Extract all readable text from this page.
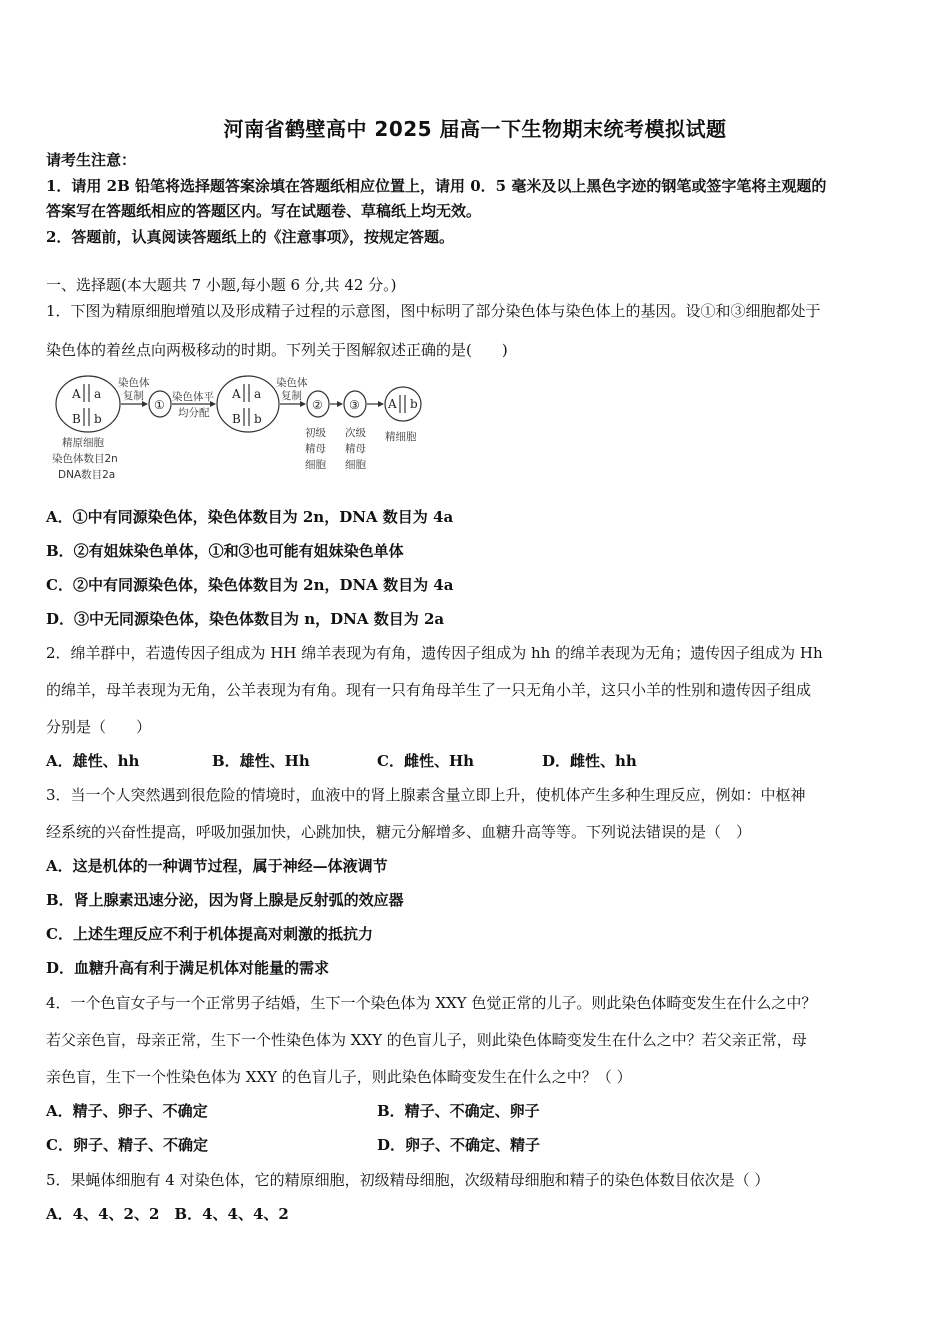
河南省鹤壁高中 2025 届高一下生物期末统考模拟试题
请考生注意：
1．请用 2B 铅笔将选择题答案涂填在答题纸相应位置上，请用 0．5 毫米及以上黑色字迹的钢笔或签字笔将主观题的
答案写在答题纸相应的答题区内。写在试题卷、草稿纸上均无效。
2．答题前，认真阅读答题纸上的《注意事项》，按规定答题。
一、选择题(本大题共 7 小题,每小题 6 分,共 42 分。)
1．下图为精原细胞增殖以及形成精子过程的示意图，图中标明了部分染色体与染色体上的基因。设①和③细胞都处于
染色体的着丝点向两极移动的时期。下列关于图解叙述正确的是(　　)
A a
B b
A a
B b
A b
①	② ③
染色体
复制	染色体平
均分配
染色体
复制
精原细胞
染色体数目2n
DNA数目2a
初级
精母
细胞
次级
精母
细胞
精细胞
A．①中有同源染色体，染色体数目为 2n，DNA 数目为 4a
B．②有姐妹染色单体，①和③也可能有姐妹染色单体
C．②中有同源染色体，染色体数目为 2n，DNA 数目为 4a
D．③中无同源染色体，染色体数目为 n，DNA 数目为 2a
2．绵羊群中，若遗传因子组成为 HH 绵羊表现为有角，遗传因子组成为 hh 的绵羊表现为无角；遗传因子组成为 Hh
的绵羊，母羊表现为无角，公羊表现为有角。现有一只有角母羊生了一只无角小羊，这只小羊的性别和遗传因子组成
分别是（　　）
A．雄性、hh	B．雄性、Hh	C．雌性、Hh	D．雌性、hh
3．当一个人突然遇到很危险的情境时，血液中的肾上腺素含量立即上升，使机体产生多种生理反应，例如：中枢神
经系统的兴奋性提高，呼吸加强加快，心跳加快，糖元分解增多、血糖升高等等。下列说法错误的是（　）
A．这是机体的一种调节过程，属于神经—体液调节
B．肾上腺素迅速分泌，因为肾上腺是反射弧的效应器
C．上述生理反应不利于机体提高对刺激的抵抗力
D．血糖升高有利于满足机体对能量的需求
4．一个色盲女子与一个正常男子结婚，生下一个染色体为 XXY 色觉正常的儿子。则此染色体畸变发生在什么之中？
若父亲色盲，母亲正常，生下一个性染色体为 XXY 的色盲儿子，则此染色体畸变发生在什么之中？若父亲正常，母
亲色盲，生下一个性染色体为 XXY 的色盲儿子，则此染色体畸变发生在什么之中？（ ）
A．精子、卵子、不确定	B．精子、不确定、卵子
C．卵子、精子、不确定	D．卵子、不确定、精子
5．果蝇体细胞有 4 对染色体，它的精原细胞，初级精母细胞，次级精母细胞和精子的染色体数目依次是（ ）
A．4、4、2、2　B．4、4、4、2
